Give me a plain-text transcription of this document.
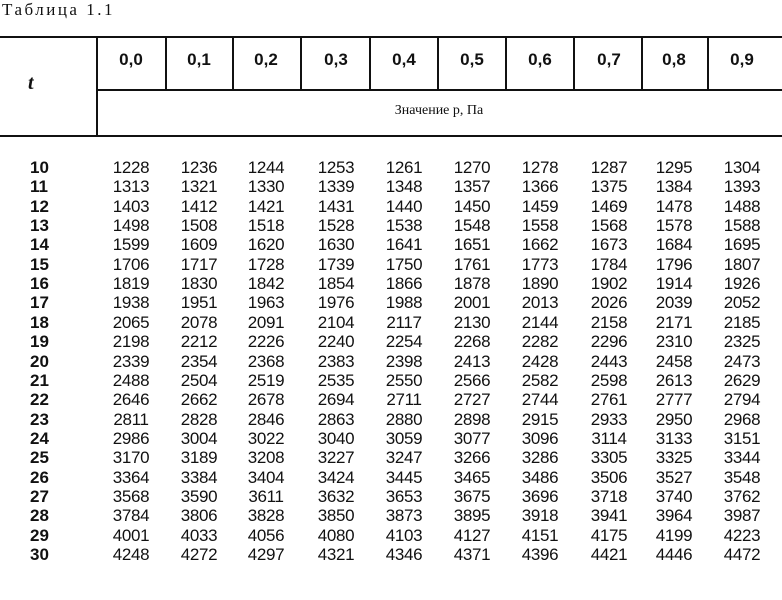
Таблица 1.1
t
Значение p, Па
0,0	0,1	0,2	0,3	0,4	0,5	0,6	0,7	0,8	0,9
10	1228	1236	1244	1253	1261	1270	1278	1287	1295	1304
11	1313	1321	1330	1339	1348	1357	1366	1375	1384	1393
12	1403	1412	1421	1431	1440	1450	1459	1469	1478	1488
13	1498	1508	1518	1528	1538	1548	1558	1568	1578	1588
14	1599	1609	1620	1630	1641	1651	1662	1673	1684	1695
15	1706	1717	1728	1739	1750	1761	1773	1784	1796	1807
16	1819	1830	1842	1854	1866	1878	1890	1902	1914	1926
17	1938	1951	1963	1976	1988	2001	2013	2026	2039	2052
18	2065	2078	2091	2104	2117	2130	2144	2158	2171	2185
19	2198	2212	2226	2240	2254	2268	2282	2296	2310	2325
20	2339	2354	2368	2383	2398	2413	2428	2443	2458	2473
21	2488	2504	2519	2535	2550	2566	2582	2598	2613	2629
22	2646	2662	2678	2694	2711	2727	2744	2761	2777	2794
23	2811	2828	2846	2863	2880	2898	2915	2933	2950	2968
24	2986	3004	3022	3040	3059	3077	3096	3114	3133	3151
25	3170	3189	3208	3227	3247	3266	3286	3305	3325	3344
26	3364	3384	3404	3424	3445	3465	3486	3506	3527	3548
27	3568	3590	3611	3632	3653	3675	3696	3718	3740	3762
28	3784	3806	3828	3850	3873	3895	3918	3941	3964	3987
29	4001	4033	4056	4080	4103	4127	4151	4175	4199	4223
30	4248	4272	4297	4321	4346	4371	4396	4421	4446	4472
